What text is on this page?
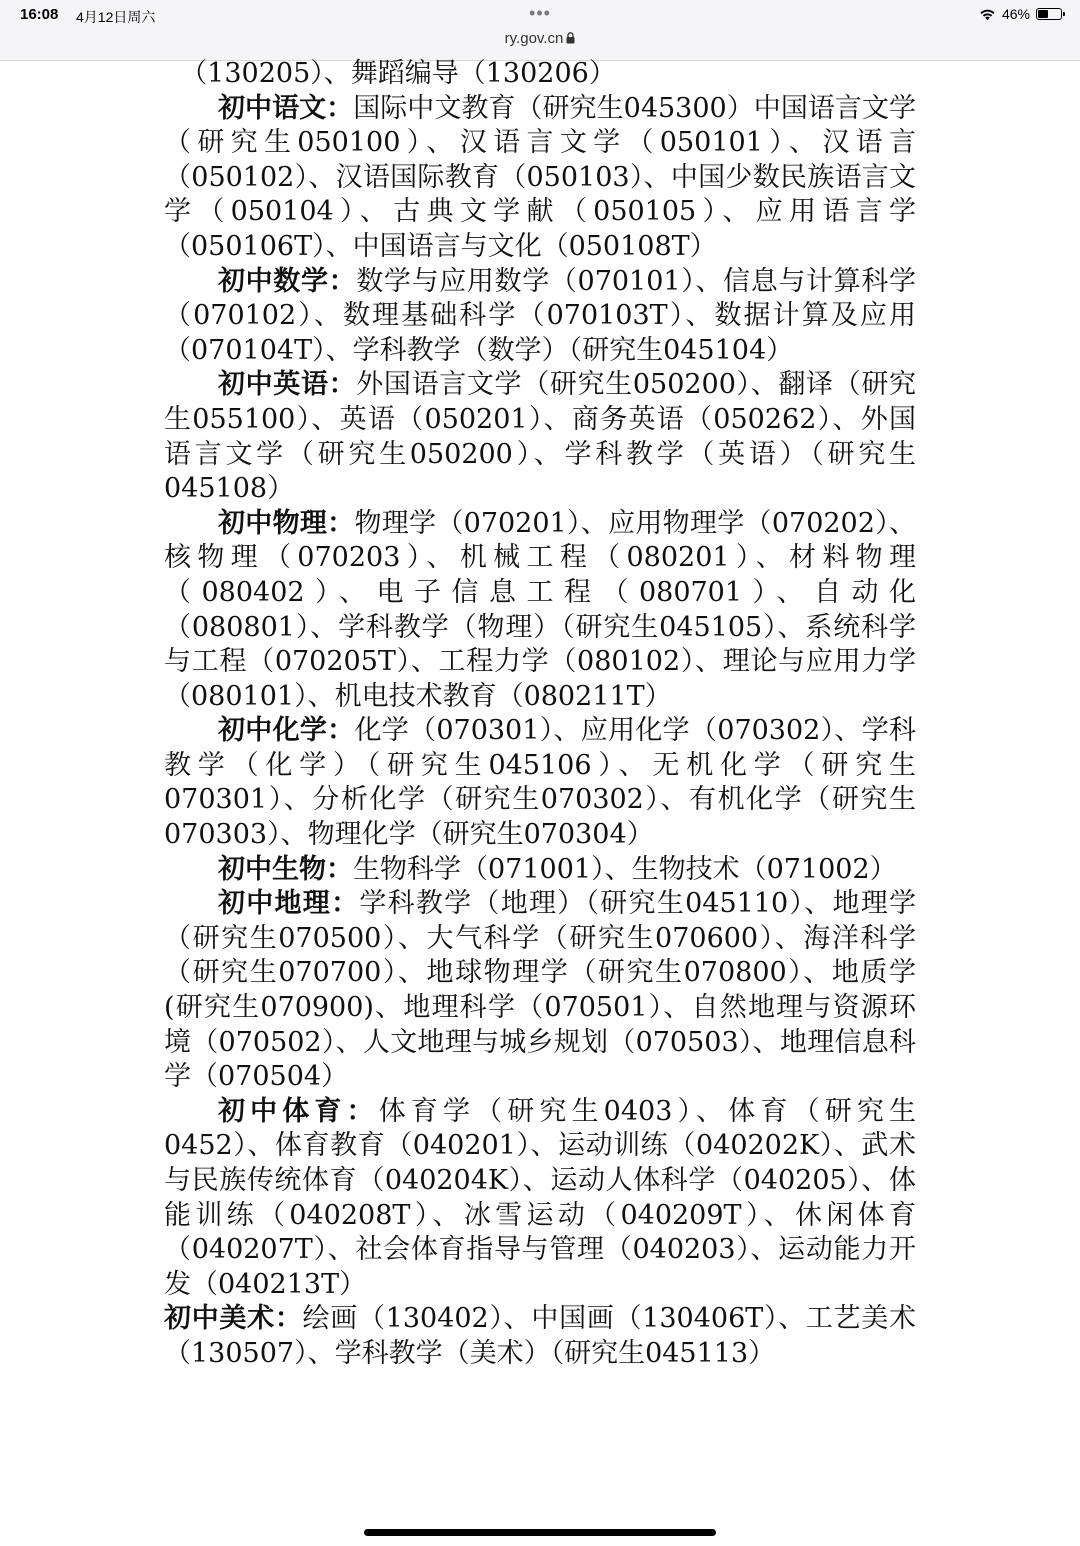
16:08 4月12日周六	•••	46%
ry.gov.cn

（130205）、舞蹈编导（130206）

初中语文：国际中文教育（研究生045300）中国语言文学（研究生050100）、汉语言文学（050101）、汉语言（050102）、汉语国际教育（050103）、中国少数民族语言文学（050104）、古典文学献（050105）、应用语言学（050106T）、中国语言与文化（050108T）

初中数学：数学与应用数学（070101）、信息与计算科学（070102）、数理基础科学（070103T）、数据计算及应用（070104T）、学科教学（数学）（研究生045104）

初中英语：外国语言文学（研究生050200）、翻译（研究生055100）、英语（050201）、商务英语（050262）、外国语言文学（研究生050200）、学科教学（英语）（研究生045108）

初中物理：物理学（070201）、应用物理学（070202）、核物理（070203）、机械工程（080201）、材料物理（080402）、电子信息工程（080701）、自动化（080801）、学科教学（物理）（研究生045105）、系统科学与工程（070205T）、工程力学（080102）、理论与应用力学（080101）、机电技术教育（080211T）

初中化学：化学（070301）、应用化学（070302）、学科教学（化学）（研究生045106）、无机化学（研究生070301）、分析化学（研究生070302）、有机化学（研究生070303）、物理化学（研究生070304）

初中生物：生物科学（071001）、生物技术（071002）

初中地理：学科教学（地理）（研究生045110）、地理学（研究生070500）、大气科学（研究生070600）、海洋科学（研究生070700）、地球物理学（研究生070800）、地质学(研究生070900)、地理科学（070501）、自然地理与资源环境（070502）、人文地理与城乡规划（070503）、地理信息科学（070504）

初中体育：体育学（研究生0403）、体育（研究生0452）、体育教育（040201）、运动训练（040202K）、武术与民族传统体育（040204K）、运动人体科学（040205）、体能训练（040208T）、冰雪运动（040209T）、休闲体育（040207T）、社会体育指导与管理（040203）、运动能力开发（040213T）

初中美术：绘画（130402）、中国画（130406T）、工艺美术（130507）、学科教学（美术）（研究生045113）
